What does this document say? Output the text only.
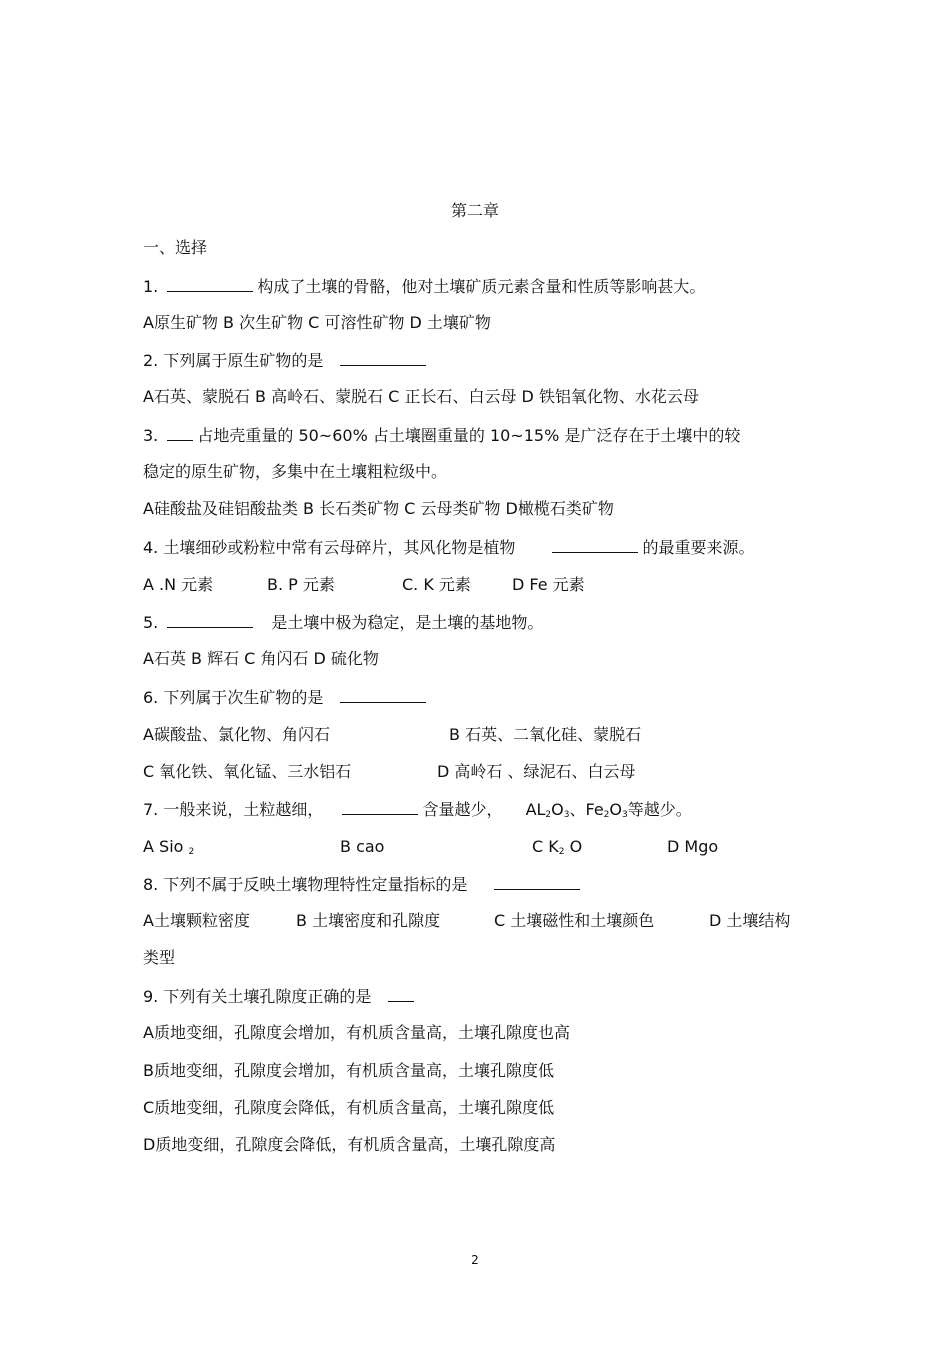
第二章
一、选择
1.	构成了土壤的骨骼，他对土壤矿质元素含量和性质等影响甚大。
A原生矿物 B 次生矿物 C 可溶性矿物 D 土壤矿物
2. 下列属于原生矿物的是
A石英、蒙脱石 B 高岭石、蒙脱石 C 正长石、白云母 D 铁铝氧化物、水花云母
3. 占地壳重量的 50~60% 占土壤圈重量的 10~15% 是广泛存在于土壤中的较
稳定的原生矿物，多集中在土壤粗粒级中。
A硅酸盐及硅铝酸盐类 B 长石类矿物 C 云母类矿物 D橄榄石类矿物
4. 土壤细砂或粉粒中常有云母碎片，其风化物是植物	的最重要来源。
A .N 元素	B. P 元素	C. K 元素	D Fe 元素
5.	是土壤中极为稳定，是土壤的基地物。
A石英 B 辉石 C 角闪石 D 硫化物
6. 下列属于次生矿物的是
A碳酸盐、氯化物、角闪石	B 石英、二氧化硅、蒙脱石
C 氧化铁、氧化锰、三水铝石	D 高岭石 、绿泥石、白云母
7. 一般来说，土粒越细，	含量越少， $AL_2O_3$、$Fe_2O_3$等越少。
A Sio $_2$	B cao	C $K_2$ O	D Mgo
8. 下列不属于反映土壤物理特性定量指标的是
A土壤颗粒密度	B 土壤密度和孔隙度	C 土壤磁性和土壤颜色	D 土壤结构
类型
9. 下列有关土壤孔隙度正确的是
A质地变细，孔隙度会增加，有机质含量高，土壤孔隙度也高
B质地变细，孔隙度会增加，有机质含量高，土壤孔隙度低
C质地变细，孔隙度会降低，有机质含量高，土壤孔隙度低
D质地变细，孔隙度会降低，有机质含量高，土壤孔隙度高
2
